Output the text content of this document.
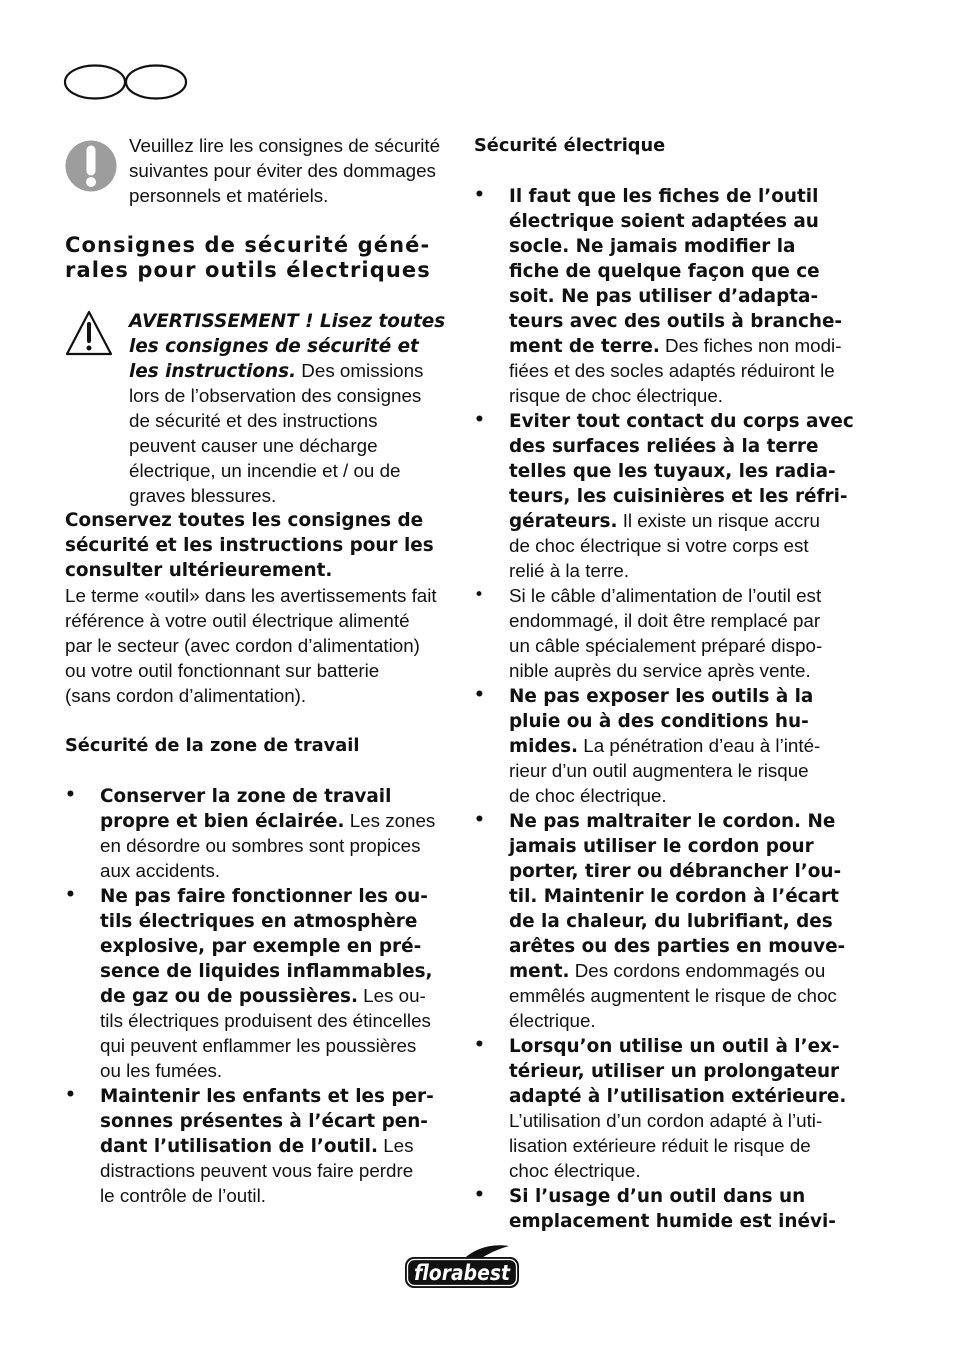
Veuillez lire les consignes de sécurité
suivantes pour éviter des dommages
personnels et matériels.
Consignes de sécurité géné-
rales pour outils électriques
AVERTISSEMENT ! Lisez toutes
les consignes de sécurité et
les instructions. Des omissions
lors de l’observation des consignes
de sécurité et des instructions
peuvent causer une décharge
électrique, un incendie et / ou de
graves blessures.
Conservez toutes les consignes de
sécurité et les instructions pour les
consulter ultérieurement.
Le terme «outil» dans les avertissements fait
référence à votre outil électrique alimenté
par le secteur (avec cordon d’alimentation)
ou votre outil fonctionnant sur batterie
(sans cordon d’alimentation).
Sécurité de la zone de travail
• Conserver la zone de travail
propre et bien éclairée. Les zones
en désordre ou sombres sont propices
aux accidents.
• Ne pas faire fonctionner les ou-
tils électriques en atmosphère
explosive, par exemple en pré-
sence de liquides inflammables,
de gaz ou de poussières. Les ou-
tils électriques produisent des étincelles
qui peuvent enflammer les poussières
ou les fumées.
• Maintenir les enfants et les per-
sonnes présentes à l’écart pen-
dant l’utilisation de l’outil. Les
distractions peuvent vous faire perdre
le contrôle de l’outil.
Sécurité électrique
• Il faut que les fiches de l’outil
électrique soient adaptées au
socle. Ne jamais modifier la
fiche de quelque façon que ce
soit. Ne pas utiliser d’adapta-
teurs avec des outils à branche-
ment de terre. Des fiches non modi-
fiées et des socles adaptés réduiront le
risque de choc électrique.
• Eviter tout contact du corps avec
des surfaces reliées à la terre
telles que les tuyaux, les radia-
teurs, les cuisinières et les réfri-
gérateurs. Il existe un risque accru
de choc électrique si votre corps est
relié à la terre.
• Si le câble d’alimentation de l’outil est
endommagé, il doit être remplacé par
un câble spécialement préparé dispo-
nible auprès du service après vente.
• Ne pas exposer les outils à la
pluie ou à des conditions hu-
mides. La pénétration d’eau à l’inté-
rieur d’un outil augmentera le risque
de choc électrique.
• Ne pas maltraiter le cordon. Ne
jamais utiliser le cordon pour
porter, tirer ou débrancher l’ou-
til. Maintenir le cordon à l’écart
de la chaleur, du lubrifiant, des
arêtes ou des parties en mouve-
ment. Des cordons endommagés ou
emmêlés augmentent le risque de choc
électrique.
• Lorsqu’on utilise un outil à l’ex-
térieur, utiliser un prolongateur
adapté à l’utilisation extérieure.
L’utilisation d’un cordon adapté à l’uti-
lisation extérieure réduit le risque de
choc électrique.
• Si l’usage d’un outil dans un
emplacement humide est inévi-
florabest
